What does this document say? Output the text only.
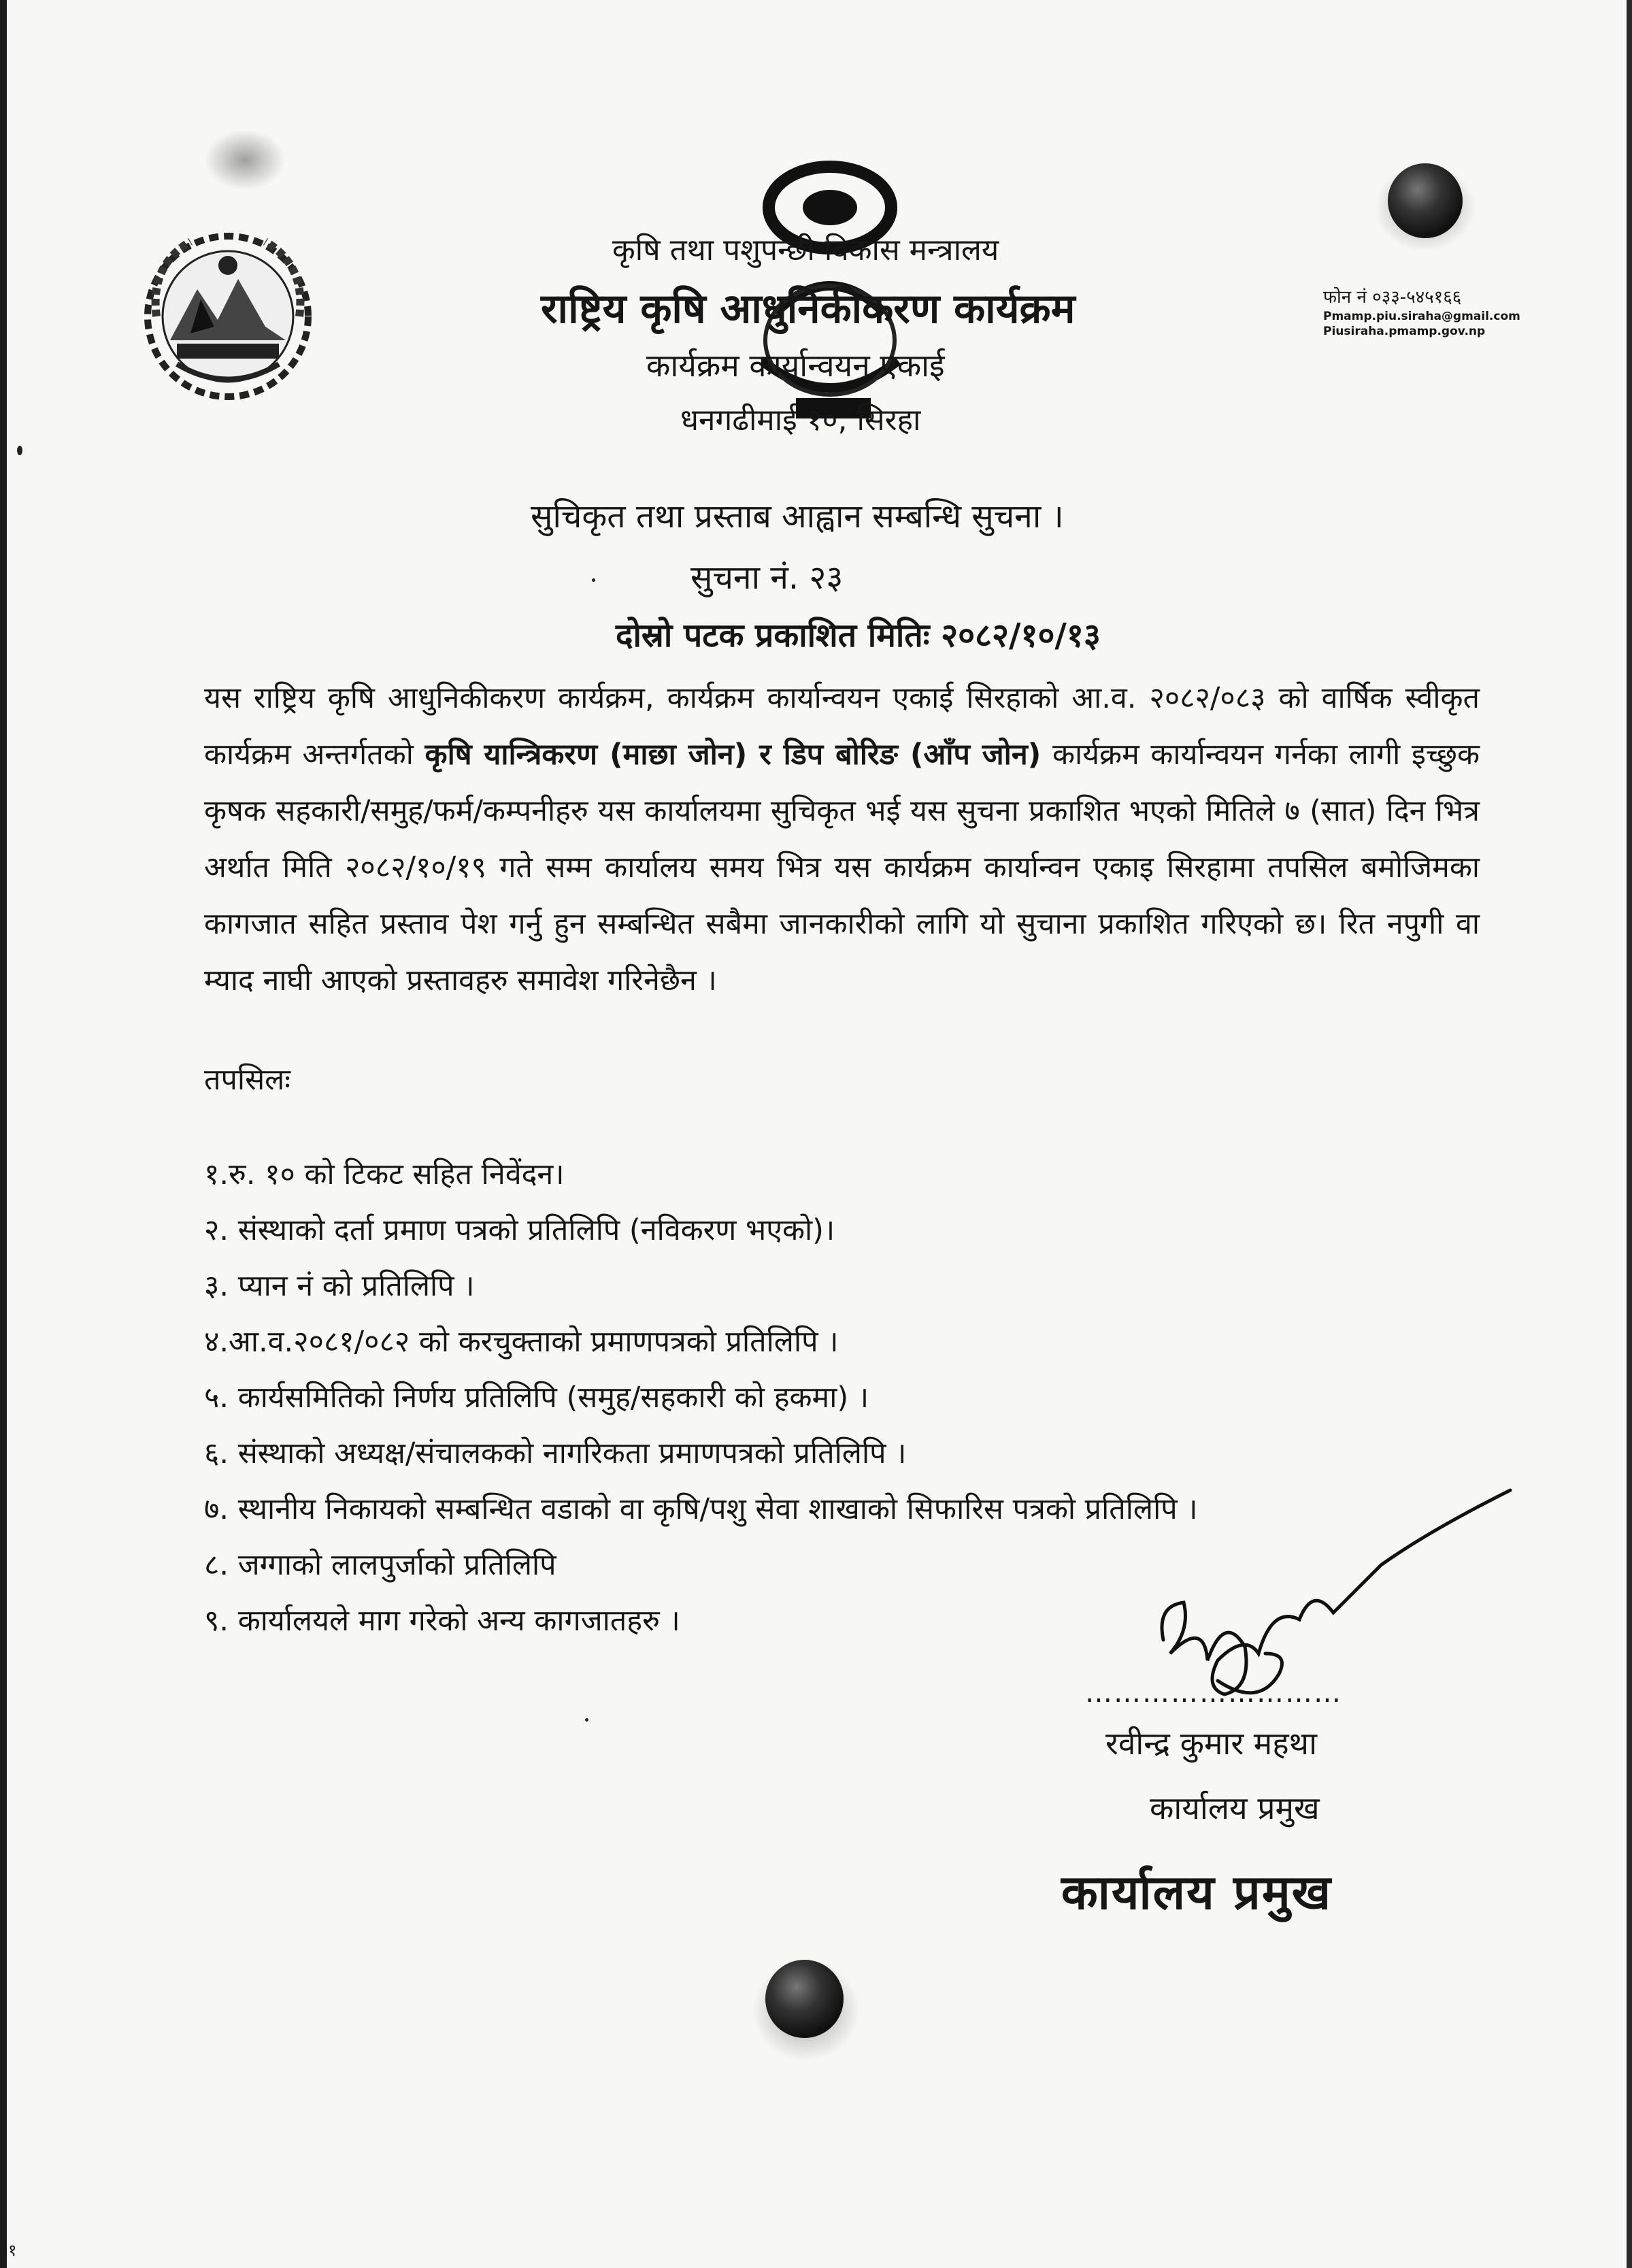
कृषि तथा पशुपन्छी विकास मन्त्रालय
राष्ट्रिय कृषि आधुनिकीकरण कार्यक्रम
कार्यक्रम कार्यान्वयन एकाई
धनगढीमाई १०, सिरहा
फोन नं ०३३-५४५१६६
Pmamp.piu.siraha@gmail.com
Piusiraha.pmamp.gov.np
सुचिकृत तथा प्रस्ताब आह्वान सम्बन्धि सुचना ।
सुचना नं. २३
दोस्रो पटक प्रकाशित मितिः २०८२/१०/१३
यस राष्ट्रिय कृषि आधुनिकीकरण कार्यक्रम, कार्यक्रम कार्यान्वयन एकाई सिरहाको आ.व. २०८२/०८३ को वार्षिक स्वीकृत कार्यक्रम अन्तर्गतको कृषि यान्त्रिकरण (माछा जोन) र डिप बोरिङ (आँप जोन) कार्यक्रम कार्यान्वयन गर्नका लागी इच्छुक कृषक सहकारी/समुह/फर्म/कम्पनीहरु यस कार्यालयमा सुचिकृत भई यस सुचना प्रकाशित भएको मितिले ७ (सात) दिन भित्र अर्थात मिति २०८२/१०/१९ गते सम्म कार्यालय समय भित्र यस कार्यक्रम कार्यान्वन एकाइ सिरहामा तपसिल बमोजिमका कागजात सहित प्रस्ताव पेश गर्नु हुन सम्बन्धित सबैमा जानकारीको लागि यो सुचाना प्रकाशित गरिएको छ। रित नपुगी वा म्याद नाघी आएको प्रस्तावहरु समावेश गरिनेछैन ।
तपसिलः
१.रु. १० को टिकट सहित निवेंदन।
२. संस्थाको दर्ता प्रमाण पत्रको प्रतिलिपि (नविकरण भएको)।
३. प्यान नं को प्रतिलिपि ।
४.आ.व.२०८१/०८२ को करचुक्ताको प्रमाणपत्रको प्रतिलिपि ।
५. कार्यसमितिको निर्णय प्रतिलिपि (समुह/सहकारी को हकमा) ।
६. संस्थाको अध्यक्ष/संचालकको नागरिकता प्रमाणपत्रको प्रतिलिपि ।
७. स्थानीय निकायको सम्बन्धित वडाको वा कृषि/पशु सेवा शाखाको सिफारिस पत्रको प्रतिलिपि ।
८. जग्गाको लालपुर्जाको प्रतिलिपि
९. कार्यालयले माग गरेको अन्य कागजातहरु ।
………………………
रवीन्द्र कुमार महथा
कार्यालय प्रमुख
कार्यालय प्रमुख
१
